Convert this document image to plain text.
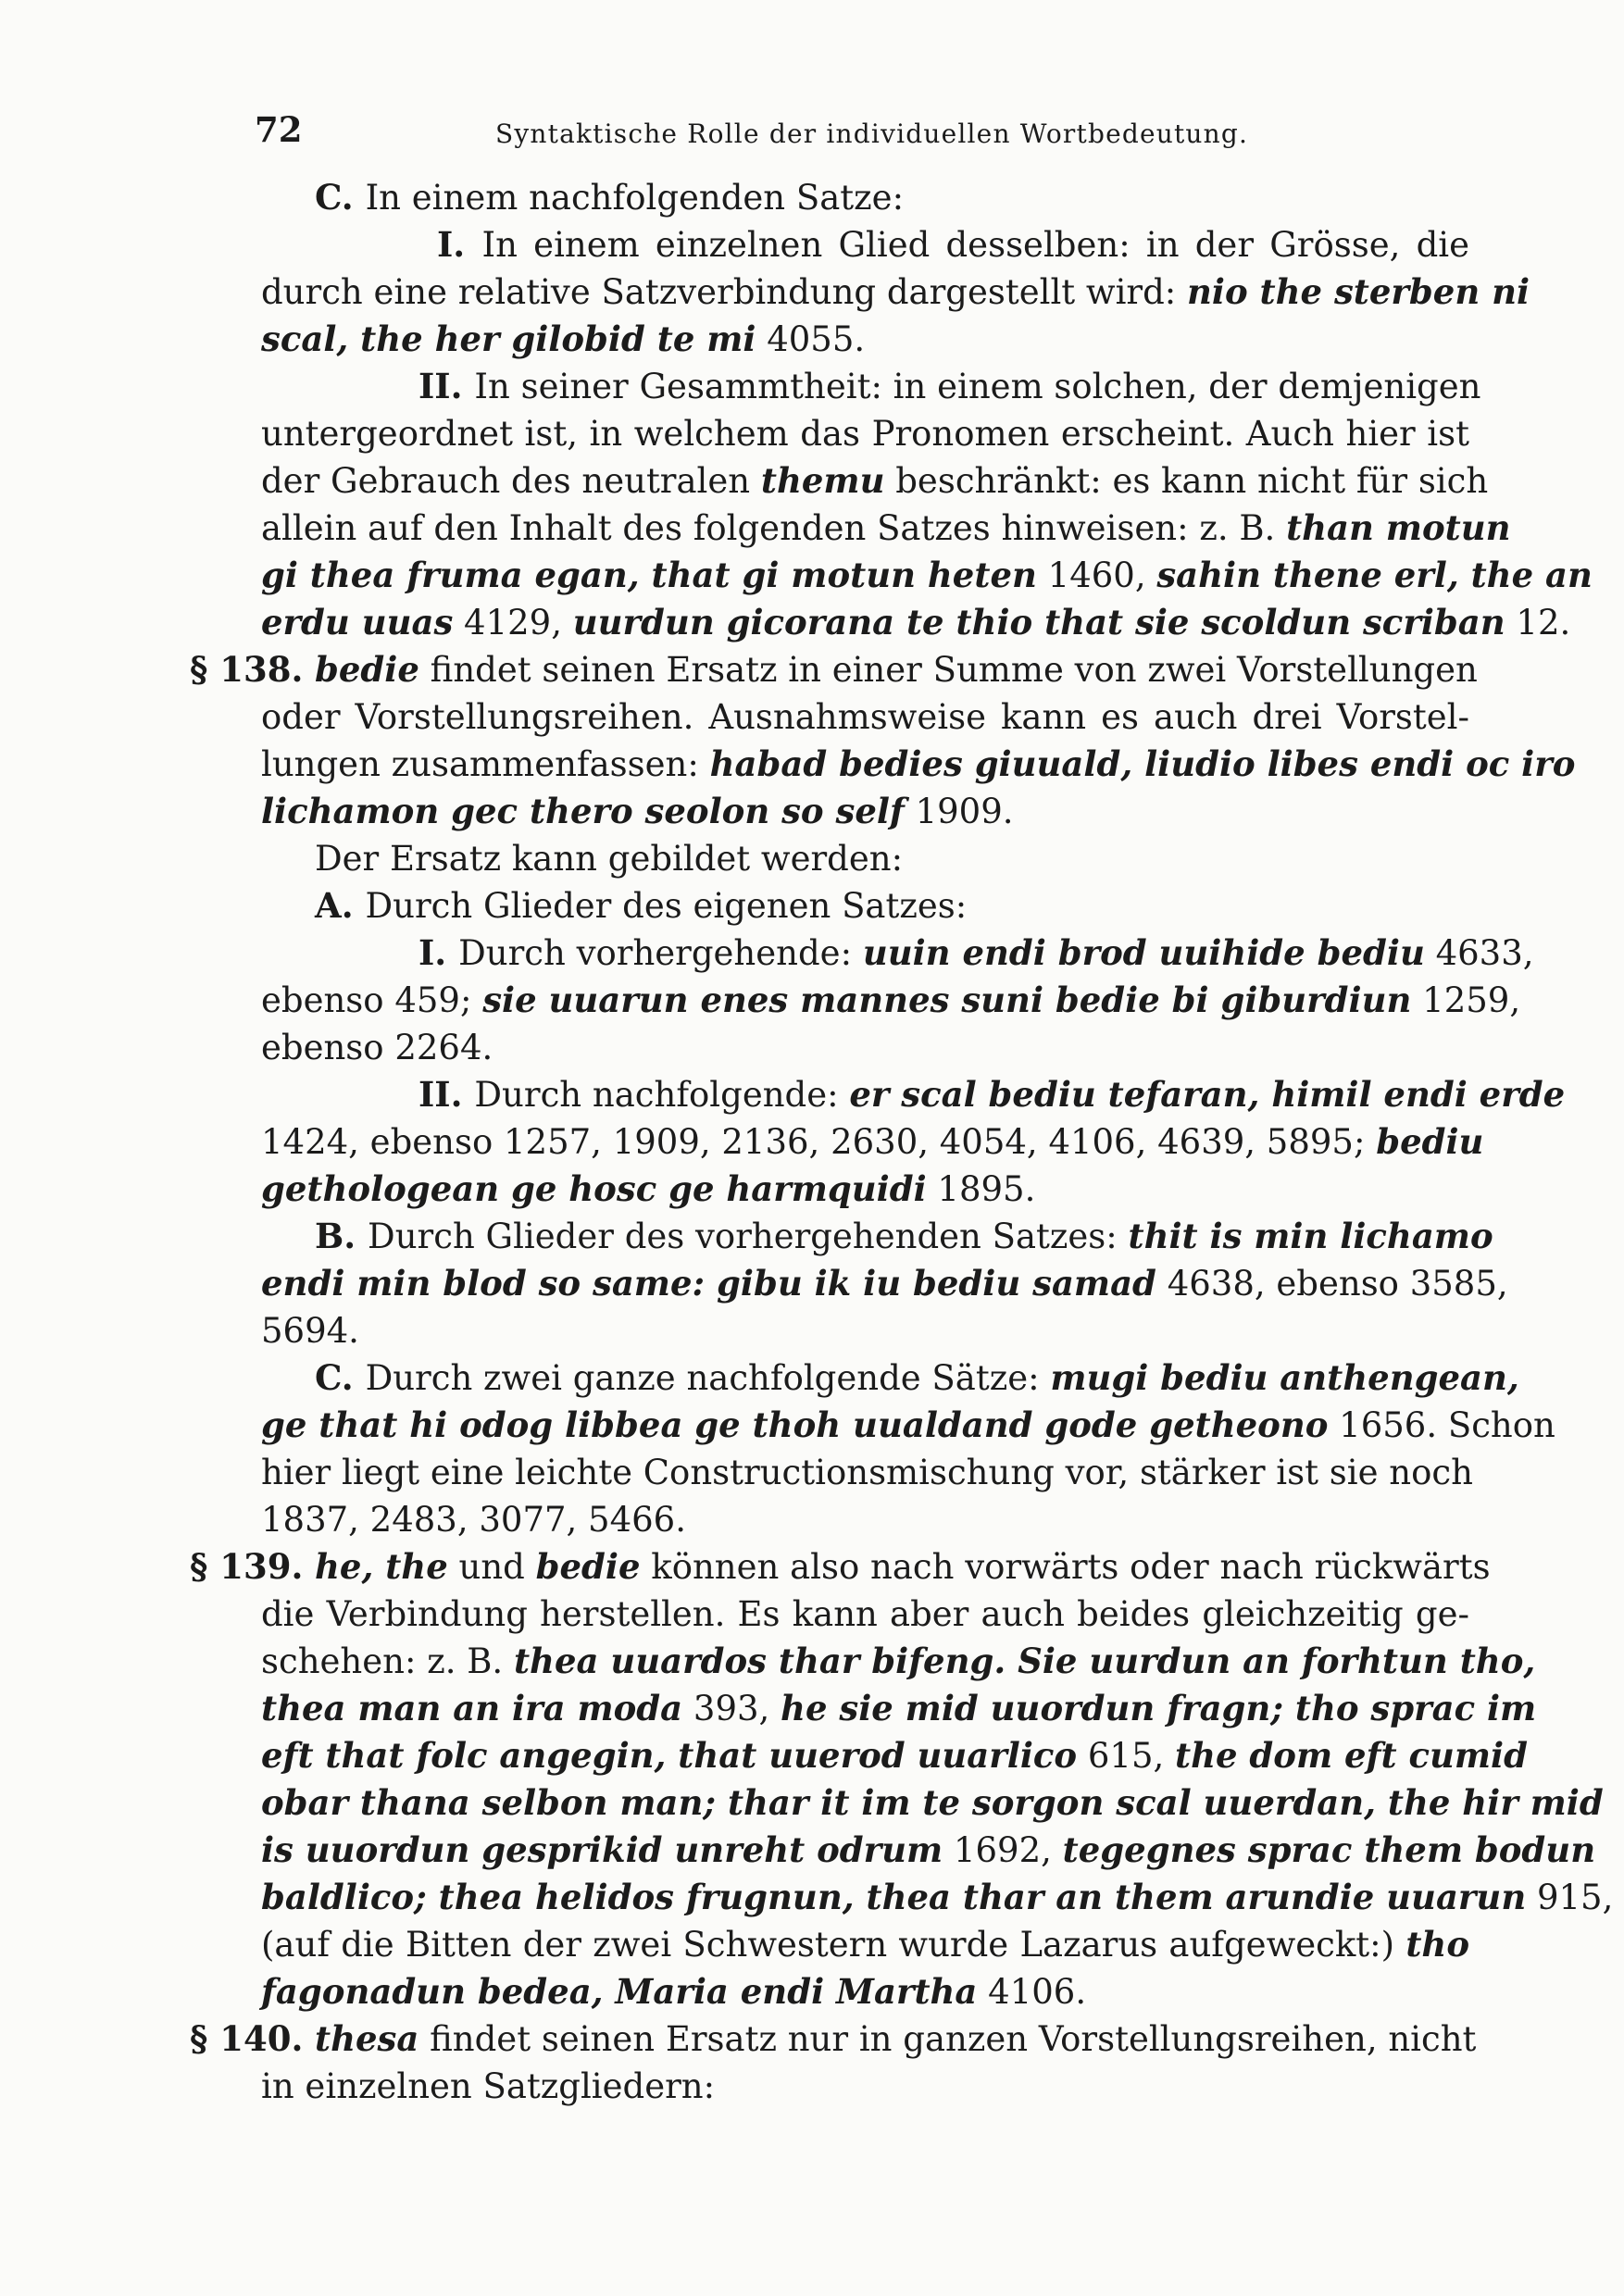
72	Syntaktische Rolle der individuellen Wortbedeutung.
C. In einem nachfolgenden Satze:
I. In einem einzelnen Glied desselben: in der Grösse, die
durch eine relative Satzverbindung dargestellt wird: nio the sterben ni
scal, the her gilobid te mi 4055.
II. In seiner Gesammtheit: in einem solchen, der demjenigen
untergeordnet ist, in welchem das Pronomen erscheint. Auch hier ist
der Gebrauch des neutralen themu beschränkt: es kann nicht für sich
allein auf den Inhalt des folgenden Satzes hinweisen: z. B. than motun
gi thea fruma egan, that gi motun heten 1460, sahin thene erl, the an
erdu uuas 4129, uurdun gicorana te thio that sie scoldun scriban 12.
§ 138. bedie findet seinen Ersatz in einer Summe von zwei Vorstellungen
oder Vorstellungsreihen. Ausnahmsweise kann es auch drei Vorstel-
lungen zusammenfassen: habad bedies giuuald, liudio libes endi oc iro
lichamon gec thero seolon so self 1909.
Der Ersatz kann gebildet werden:
A. Durch Glieder des eigenen Satzes:
I. Durch vorhergehende: uuin endi brod uuihide bediu 4633,
ebenso 459; sie uuarun enes mannes suni bedie bi giburdiun 1259,
ebenso 2264.
II. Durch nachfolgende: er scal bediu tefaran, himil endi erde
1424, ebenso 1257, 1909, 2136, 2630, 4054, 4106, 4639, 5895; bediu
gethologean ge hosc ge harmquidi 1895.
B. Durch Glieder des vorhergehenden Satzes: thit is min lichamo
endi min blod so same: gibu ik iu bediu samad 4638, ebenso 3585,
5694.
C. Durch zwei ganze nachfolgende Sätze: mugi bediu anthengean,
ge that hi odog libbea ge thoh uualdand gode getheono 1656. Schon
hier liegt eine leichte Constructionsmischung vor, stärker ist sie noch
1837, 2483, 3077, 5466.
§ 139. he, the und bedie können also nach vorwärts oder nach rückwärts
die Verbindung herstellen. Es kann aber auch beides gleichzeitig ge-
schehen: z. B. thea uuardos thar bifeng. Sie uurdun an forhtun tho,
thea man an ira moda 393, he sie mid uuordun fragn; tho sprac im
eft that folc angegin, that uuerod uuarlico 615, the dom eft cumid
obar thana selbon man; thar it im te sorgon scal uuerdan, the hir mid
is uuordun gesprikid unreht odrum 1692, tegegnes sprac them bodun
baldlico; thea helidos frugnun, thea thar an them arundie uuarun 915,
(auf die Bitten der zwei Schwestern wurde Lazarus aufgeweckt:) tho
fagonadun bedea, Maria endi Martha 4106.
§ 140. thesa findet seinen Ersatz nur in ganzen Vorstellungsreihen, nicht
in einzelnen Satzgliedern:
